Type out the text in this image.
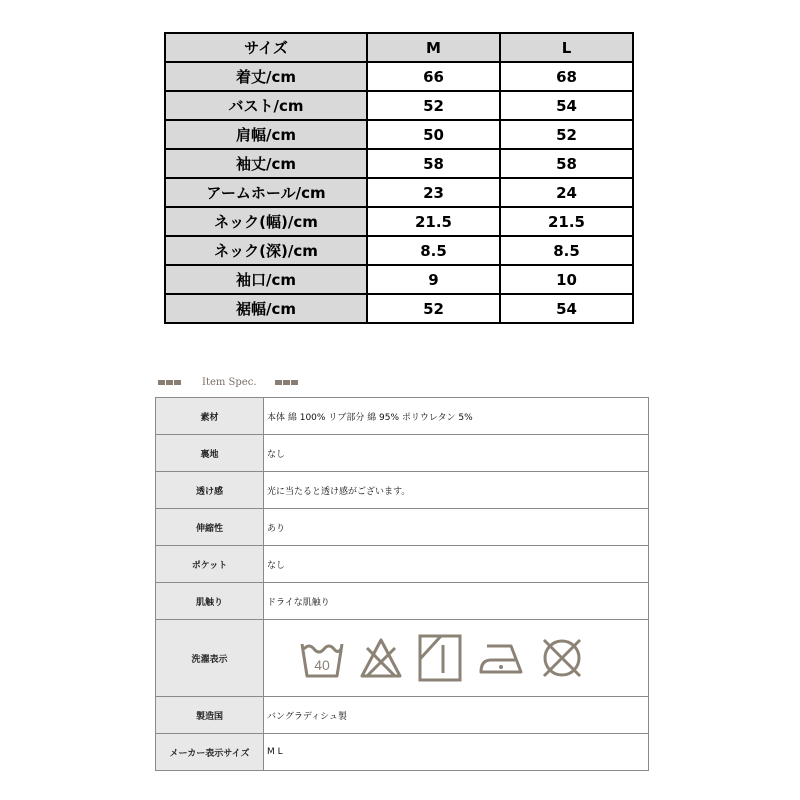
サイズ	M	L
着丈/cm	66	68
バスト/cm	52	54
肩幅/cm	50	52
袖丈/cm	58	58
アームホール/cm	23	24
ネック(幅)/cm	21.5	21.5
ネック(深)/cm	8.5	8.5
袖口/cm	9	10
裾幅/cm	52	54
Item Spec.
素材	本体 綿 100% リブ部分 綿 95% ポリウレタン 5%
裏地	なし
透け感	光に当たると透け感がございます。
伸縮性	あり
ポケット	なし
肌触り	ドライな肌触り
洗濯表示	40

製造国	バングラディシュ製
メーカー表示サイズ	M L
